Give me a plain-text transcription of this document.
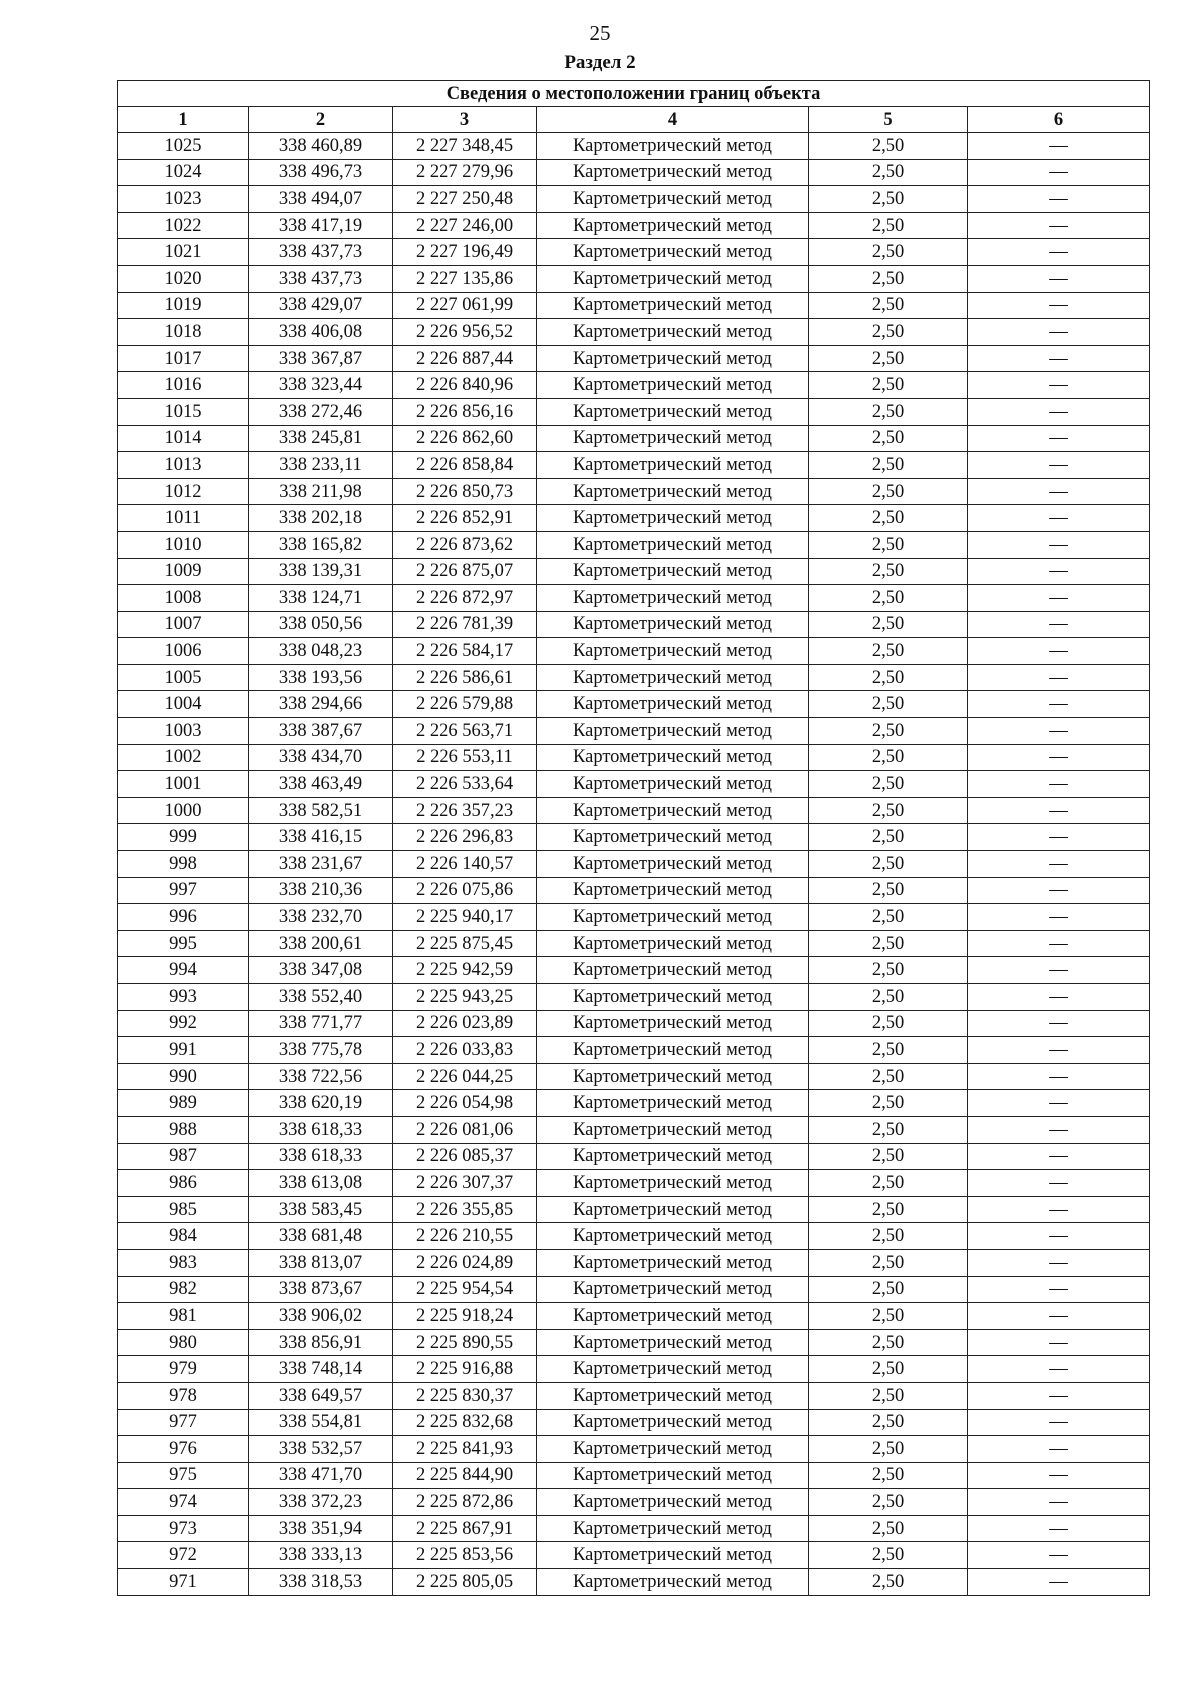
25
Раздел 2
Сведения о местоположении границ объекта					
1	2	3	4	5	6
1025	338 460,89	2 227 348,45	Картометрический метод	2,50	—
1024	338 496,73	2 227 279,96	Картометрический метод	2,50	—
1023	338 494,07	2 227 250,48	Картометрический метод	2,50	—
1022	338 417,19	2 227 246,00	Картометрический метод	2,50	—
1021	338 437,73	2 227 196,49	Картометрический метод	2,50	—
1020	338 437,73	2 227 135,86	Картометрический метод	2,50	—
1019	338 429,07	2 227 061,99	Картометрический метод	2,50	—
1018	338 406,08	2 226 956,52	Картометрический метод	2,50	—
1017	338 367,87	2 226 887,44	Картометрический метод	2,50	—
1016	338 323,44	2 226 840,96	Картометрический метод	2,50	—
1015	338 272,46	2 226 856,16	Картометрический метод	2,50	—
1014	338 245,81	2 226 862,60	Картометрический метод	2,50	—
1013	338 233,11	2 226 858,84	Картометрический метод	2,50	—
1012	338 211,98	2 226 850,73	Картометрический метод	2,50	—
1011	338 202,18	2 226 852,91	Картометрический метод	2,50	—
1010	338 165,82	2 226 873,62	Картометрический метод	2,50	—
1009	338 139,31	2 226 875,07	Картометрический метод	2,50	—
1008	338 124,71	2 226 872,97	Картометрический метод	2,50	—
1007	338 050,56	2 226 781,39	Картометрический метод	2,50	—
1006	338 048,23	2 226 584,17	Картометрический метод	2,50	—
1005	338 193,56	2 226 586,61	Картометрический метод	2,50	—
1004	338 294,66	2 226 579,88	Картометрический метод	2,50	—
1003	338 387,67	2 226 563,71	Картометрический метод	2,50	—
1002	338 434,70	2 226 553,11	Картометрический метод	2,50	—
1001	338 463,49	2 226 533,64	Картометрический метод	2,50	—
1000	338 582,51	2 226 357,23	Картометрический метод	2,50	—
999	338 416,15	2 226 296,83	Картометрический метод	2,50	—
998	338 231,67	2 226 140,57	Картометрический метод	2,50	—
997	338 210,36	2 226 075,86	Картометрический метод	2,50	—
996	338 232,70	2 225 940,17	Картометрический метод	2,50	—
995	338 200,61	2 225 875,45	Картометрический метод	2,50	—
994	338 347,08	2 225 942,59	Картометрический метод	2,50	—
993	338 552,40	2 225 943,25	Картометрический метод	2,50	—
992	338 771,77	2 226 023,89	Картометрический метод	2,50	—
991	338 775,78	2 226 033,83	Картометрический метод	2,50	—
990	338 722,56	2 226 044,25	Картометрический метод	2,50	—
989	338 620,19	2 226 054,98	Картометрический метод	2,50	—
988	338 618,33	2 226 081,06	Картометрический метод	2,50	—
987	338 618,33	2 226 085,37	Картометрический метод	2,50	—
986	338 613,08	2 226 307,37	Картометрический метод	2,50	—
985	338 583,45	2 226 355,85	Картометрический метод	2,50	—
984	338 681,48	2 226 210,55	Картометрический метод	2,50	—
983	338 813,07	2 226 024,89	Картометрический метод	2,50	—
982	338 873,67	2 225 954,54	Картометрический метод	2,50	—
981	338 906,02	2 225 918,24	Картометрический метод	2,50	—
980	338 856,91	2 225 890,55	Картометрический метод	2,50	—
979	338 748,14	2 225 916,88	Картометрический метод	2,50	—
978	338 649,57	2 225 830,37	Картометрический метод	2,50	—
977	338 554,81	2 225 832,68	Картометрический метод	2,50	—
976	338 532,57	2 225 841,93	Картометрический метод	2,50	—
975	338 471,70	2 225 844,90	Картометрический метод	2,50	—
974	338 372,23	2 225 872,86	Картометрический метод	2,50	—
973	338 351,94	2 225 867,91	Картометрический метод	2,50	—
972	338 333,13	2 225 853,56	Картометрический метод	2,50	—
971	338 318,53	2 225 805,05	Картометрический метод	2,50	—
